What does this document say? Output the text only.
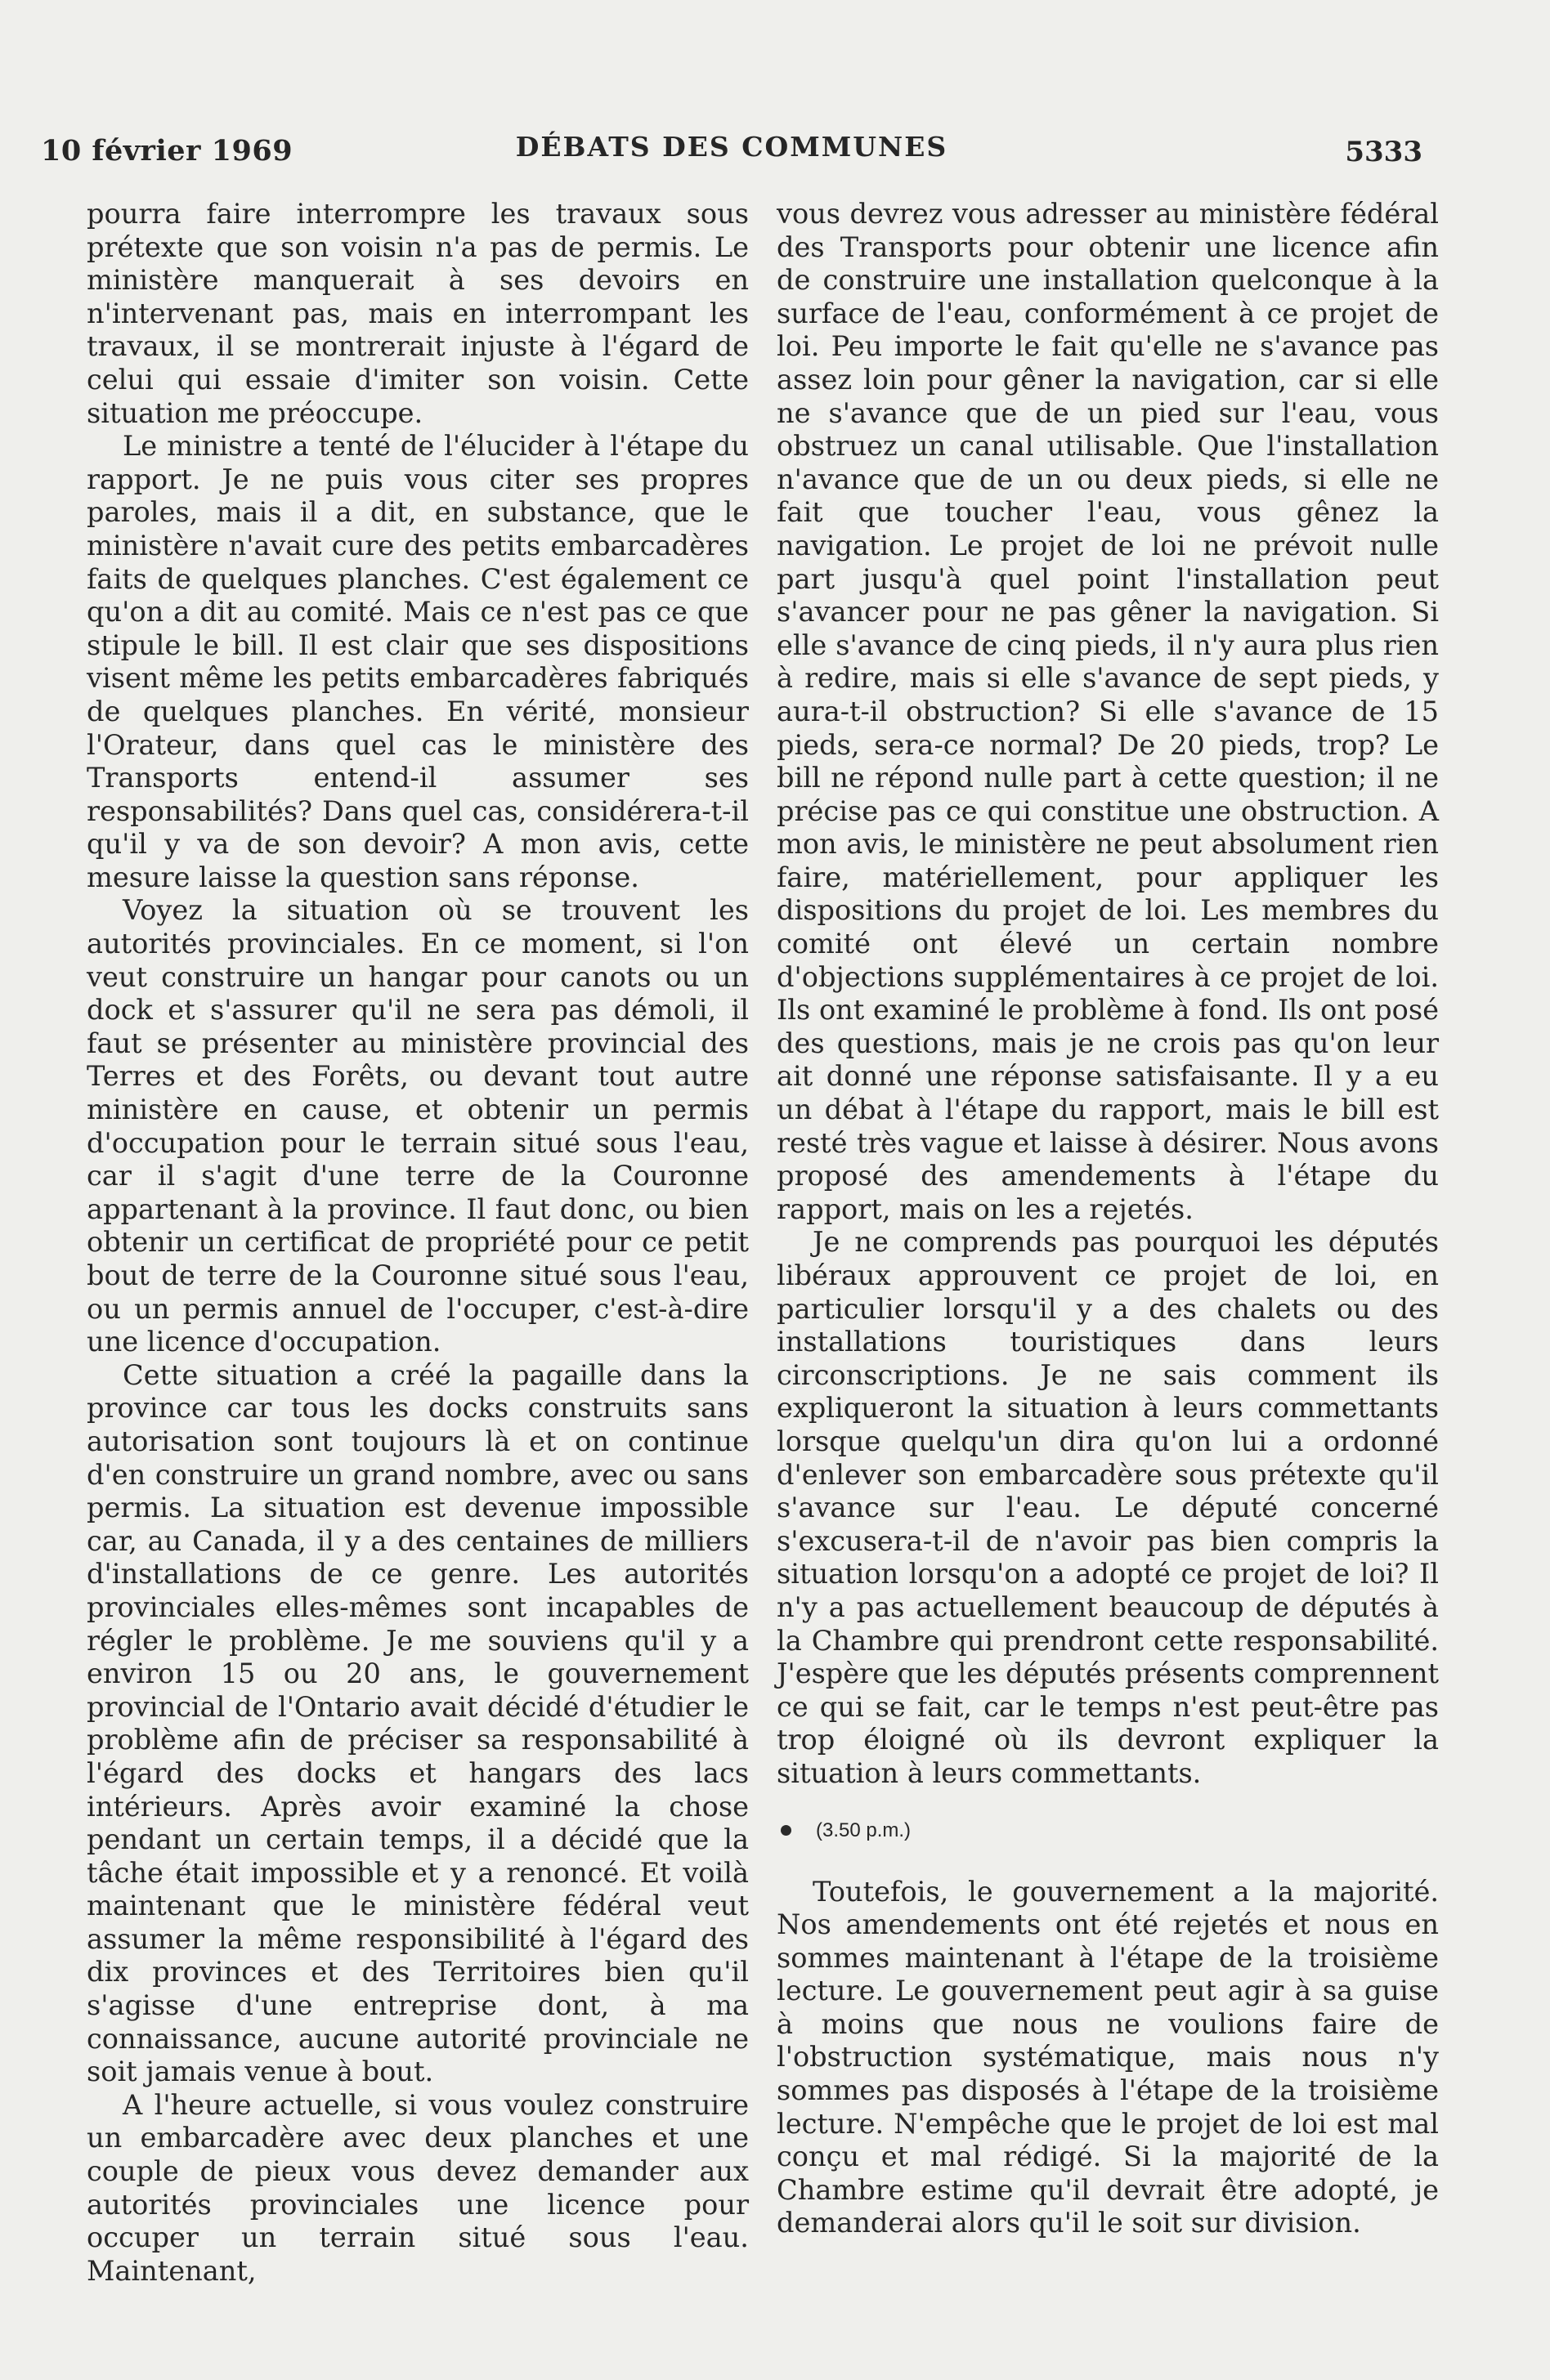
10 février 1969	DÉBATS DES COMMUNES	5333

pourra faire interrompre les travaux sous prétexte que son voisin n'a pas de permis. Le ministère manquerait à ses devoirs en n'intervenant pas, mais en interrompant les travaux, il se montrerait injuste à l'égard de celui qui essaie d'imiter son voisin. Cette situation me préoccupe.

Le ministre a tenté de l'élucider à l'étape du rapport. Je ne puis vous citer ses propres paroles, mais il a dit, en substance, que le ministère n'avait cure des petits embarcadères faits de quelques planches. C'est également ce qu'on a dit au comité. Mais ce n'est pas ce que stipule le bill. Il est clair que ses dispositions visent même les petits embarcadères fabriqués de quelques planches. En vérité, monsieur l'Orateur, dans quel cas le ministère des Transports entend-il assumer ses responsabilités? Dans quel cas, considérera-t-il qu'il y va de son devoir? A mon avis, cette mesure laisse la question sans réponse.

Voyez la situation où se trouvent les autorités provinciales. En ce moment, si l'on veut construire un hangar pour canots ou un dock et s'assurer qu'il ne sera pas démoli, il faut se présenter au ministère provincial des Terres et des Forêts, ou devant tout autre ministère en cause, et obtenir un permis d'occupation pour le terrain situé sous l'eau, car il s'agit d'une terre de la Couronne appartenant à la province. Il faut donc, ou bien obtenir un certificat de propriété pour ce petit bout de terre de la Couronne situé sous l'eau, ou un permis annuel de l'occuper, c'est-à-dire une licence d'occupation.

Cette situation a créé la pagaille dans la province car tous les docks construits sans autorisation sont toujours là et on continue d'en construire un grand nombre, avec ou sans permis. La situation est devenue impossible car, au Canada, il y a des centaines de milliers d'installations de ce genre. Les autorités provinciales elles-mêmes sont incapables de régler le problème. Je me souviens qu'il y a environ 15 ou 20 ans, le gouvernement provincial de l'Ontario avait décidé d'étudier le problème afin de préciser sa responsabilité à l'égard des docks et hangars des lacs intérieurs. Après avoir examiné la chose pendant un certain temps, il a décidé que la tâche était impossible et y a renoncé. Et voilà maintenant que le ministère fédéral veut assumer la même responsibilité à l'égard des dix provinces et des Territoires bien qu'il s'agisse d'une entreprise dont, à ma connaissance, aucune autorité provinciale ne soit jamais venue à bout.

A l'heure actuelle, si vous voulez construire un embarcadère avec deux planches et une couple de pieux vous devez demander aux autorités provinciales une licence pour occuper un terrain situé sous l'eau. Maintenant,

vous devrez vous adresser au ministère fédéral des Transports pour obtenir une licence afin de construire une installation quelconque à la surface de l'eau, conformément à ce projet de loi. Peu importe le fait qu'elle ne s'avance pas assez loin pour gêner la navigation, car si elle ne s'avance que de un pied sur l'eau, vous obstruez un canal utilisable. Que l'installation n'avance que de un ou deux pieds, si elle ne fait que toucher l'eau, vous gênez la navigation. Le projet de loi ne prévoit nulle part jusqu'à quel point l'installation peut s'avancer pour ne pas gêner la navigation. Si elle s'avance de cinq pieds, il n'y aura plus rien à redire, mais si elle s'avance de sept pieds, y aura-t-il obstruction? Si elle s'avance de 15 pieds, sera-ce normal? De 20 pieds, trop? Le bill ne répond nulle part à cette question; il ne précise pas ce qui constitue une obstruction. A mon avis, le ministère ne peut absolument rien faire, matériellement, pour appliquer les dispositions du projet de loi. Les membres du comité ont élevé un certain nombre d'objections supplémentaires à ce projet de loi. Ils ont examiné le problème à fond. Ils ont posé des questions, mais je ne crois pas qu'on leur ait donné une réponse satisfaisante. Il y a eu un débat à l'étape du rapport, mais le bill est resté très vague et laisse à désirer. Nous avons proposé des amendements à l'étape du rapport, mais on les a rejetés.

Je ne comprends pas pourquoi les députés libéraux approuvent ce projet de loi, en particulier lorsqu'il y a des chalets ou des installations touristiques dans leurs circonscriptions. Je ne sais comment ils expliqueront la situation à leurs commettants lorsque quelqu'un dira qu'on lui a ordonné d'enlever son embarcadère sous prétexte qu'il s'avance sur l'eau. Le député concerné s'excusera-t-il de n'avoir pas bien compris la situation lorsqu'on a adopté ce projet de loi? Il n'y a pas actuellement beaucoup de députés à la Chambre qui prendront cette responsabilité. J'espère que les députés présents comprennent ce qui se fait, car le temps n'est peut-être pas trop éloigné où ils devront expliquer la situation à leurs commettants.

(3.50 p.m.)

Toutefois, le gouvernement a la majorité. Nos amendements ont été rejetés et nous en sommes maintenant à l'étape de la troisième lecture. Le gouvernement peut agir à sa guise à moins que nous ne voulions faire de l'obstruction systématique, mais nous n'y sommes pas disposés à l'étape de la troisième lecture. N'empêche que le projet de loi est mal conçu et mal rédigé. Si la majorité de la Chambre estime qu'il devrait être adopté, je demanderai alors qu'il le soit sur division.
